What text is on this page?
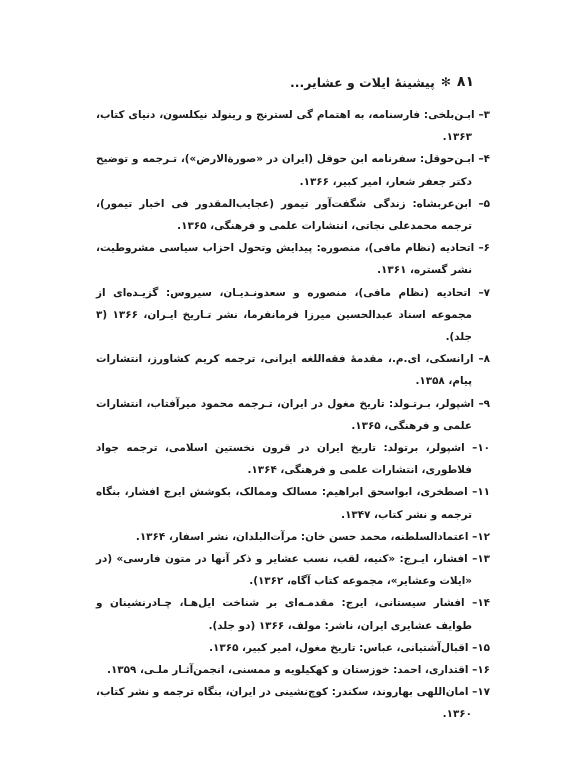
۸۱
✻
پیشینهٔ ایلات و عشایر...

۳– ابـن‌بلخی: فارسنامه، به اهتمام گی لسترنج و رینولد نیکلسون، دنیای کتاب، ۱۳۶۳.

۴– ابـن‌حوقل: سفرنامه ابن حوقل (ایران در «صورة‌الارض»)، تـرجمه و توضیح دکتر جعفر شعار، امیر کبیر، ۱۳۶۶.

۵– ابن‌عربشاه: زندگی شگفت‌آور تیمور (عجایب‌المقدور فی اخبار تیمور)، ترجمه محمدعلی نجاتی، انتشارات علمی و فرهنگی، ۱۳۶۵.

۶– اتحادیه (نظام مافی)، منصوره: پیدایش وتحول احزاب سیاسی مشروطیت، نشر گستره، ۱۳۶۱.

۷– اتحادیه (نظام مافی)، منصوره و سعدونـدیـان، سیروس: گزیـده‌ای از مجموعه اسناد عبدالحسین میرزا فرمانفرما، نشر تـاریخ ایـران، ۱۳۶۶ (۳ جلد).

۸– ارانسکی، ای.م.، مقدمهٔ فقه‌اللغه ایرانی، ترجمه کریم کشاورز، انتشارات پیام، ۱۳۵۸.

۹– اشپولر، بـرتـولد: تاریخ مغول در ایران، تـرجمه محمود میرآفتاب، انتشارات علمی و فرهنگی، ۱۳۶۵.

۱۰– اشپولر، برتولد: تاریخ ایران در قرون نخستین اسلامی، ترجمه جواد فلاطوری، انتشارات علمی و فرهنگی، ۱۳۶۴.

۱۱– اصطخری، ابواسحق ابراهیم: مسالک وممالک، بکوشش ایرج افشار، بنگاه ترجمه و نشر کتاب، ۱۳۴۷.

۱۲– اعتمادالسلطنه، محمد حسن خان: مرآت‌البلدان، نشر اسفار، ۱۳۶۴.

۱۳– افشار، ایـرج: «کنیه، لقب، نسب عشایر و ذکر آنها در متون فارسی» (در «ایلات وعشایر»، مجموعه کتاب آگاه، ۱۳۶۲).

۱۴– افشار سیستانی، ایرج: مقدمـه‌ای بر شناخت ایل‌هـا، چـادرنشینان و طوایف عشایری ایران، ناشر: مولف، ۱۳۶۶ (دو جلد).

۱۵– اقبال‌آشتیانی، عباس: تاریخ مغول، امیر کبیر، ۱۳۶۵.

۱۶– اقتداری، احمد: خوزستان و کهکیلویه و ممسنی، انجمن‌آثـار ملـی، ۱۳۵۹.

۱۷– امان‌اللهی بهاروند، سکندر: کوچ‌نشینی در ایران، بنگاه ترجمه و نشر کتاب، ۱۳۶۰.
